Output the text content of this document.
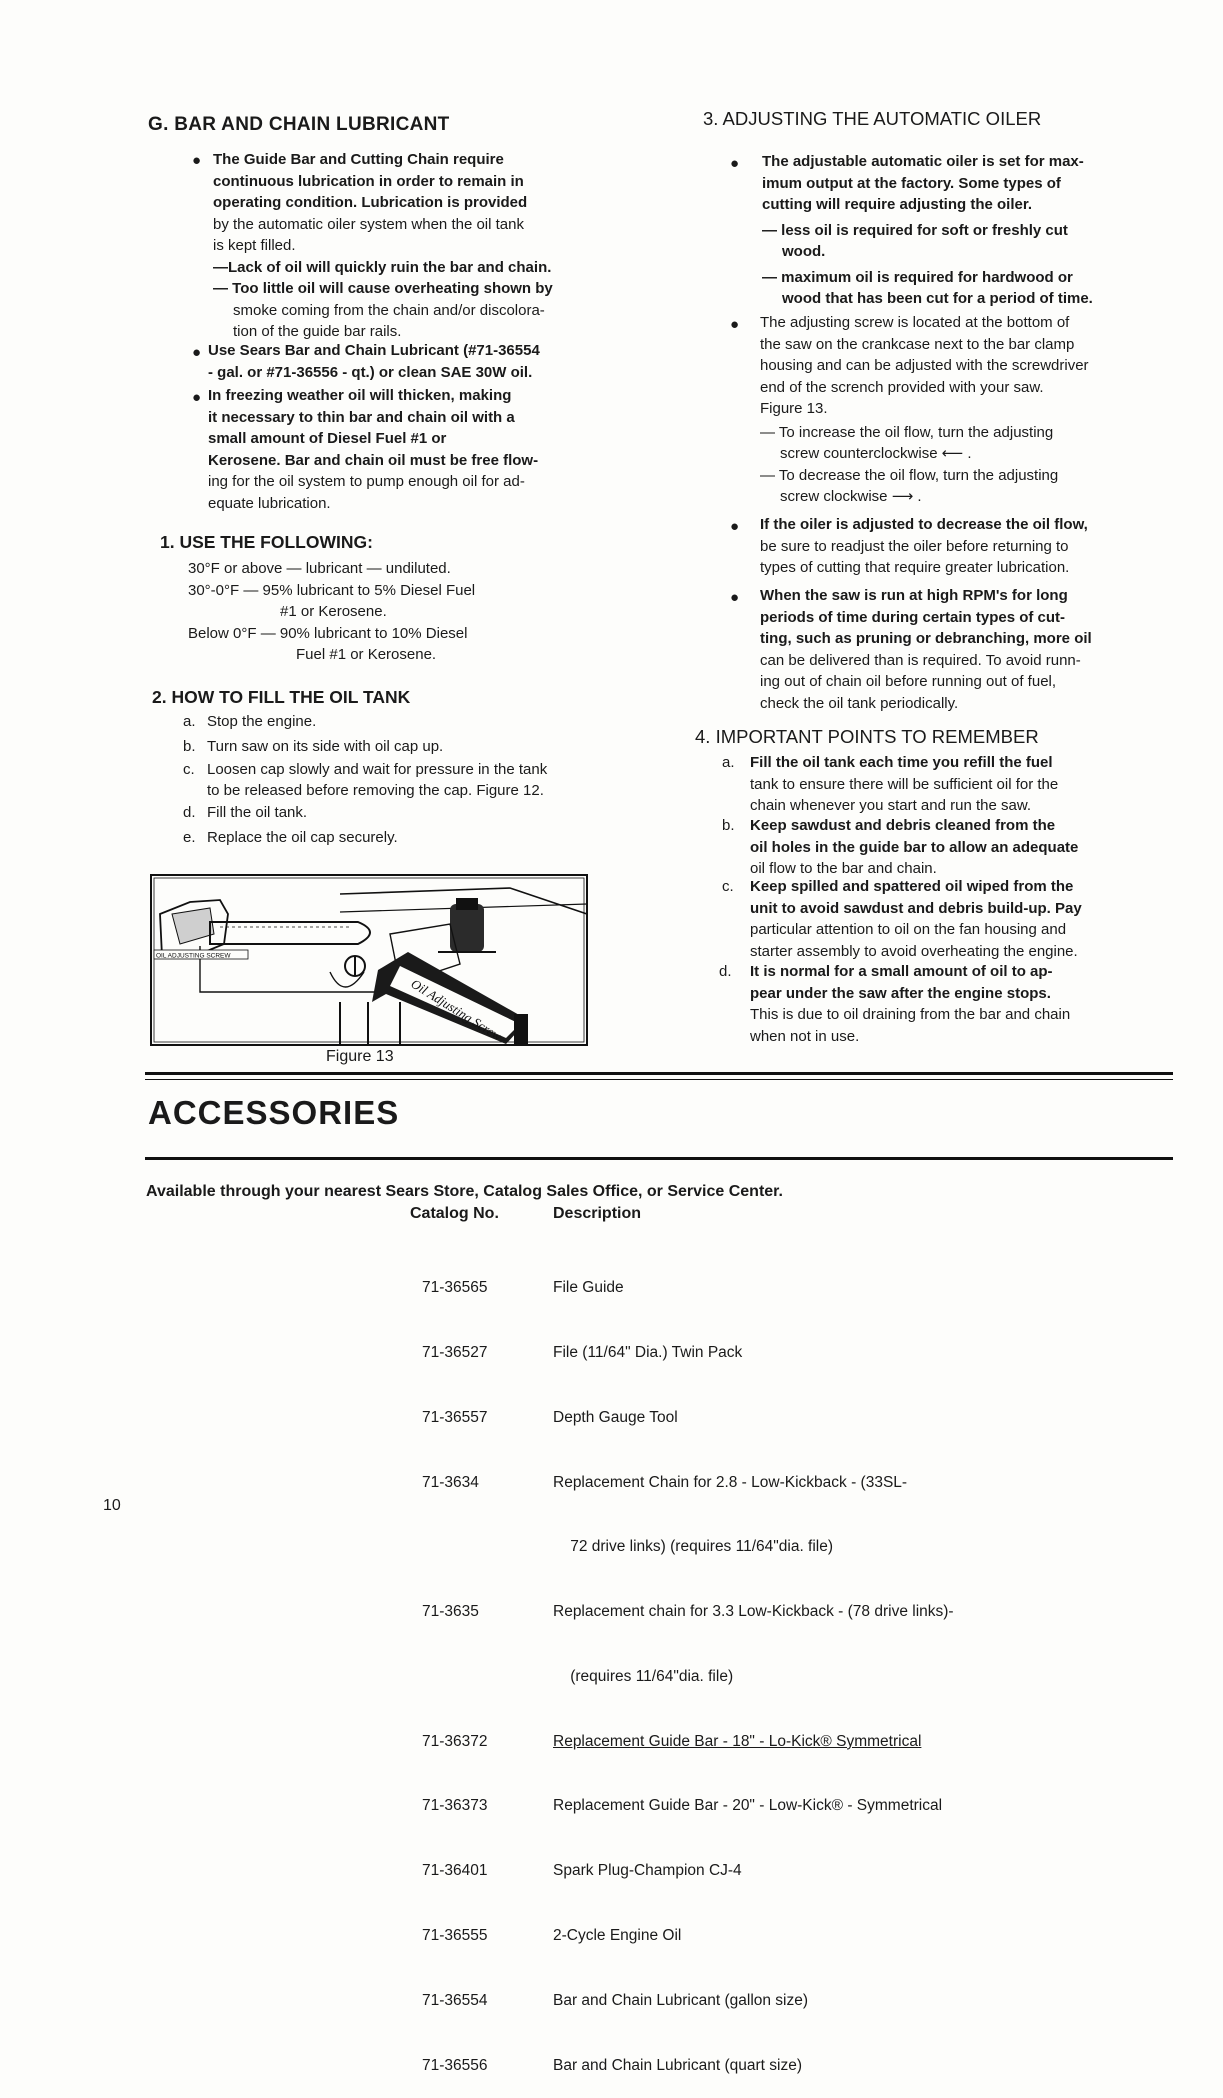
G. BAR AND CHAIN LUBRICANT
● The Guide Bar and Cutting Chain require
continuous lubrication in order to remain in
operating condition. Lubrication is provided
by the automatic oiler system when the oil tank
is kept filled.
—Lack of oil will quickly ruin the bar and chain.
— Too little oil will cause overheating shown by
smoke coming from the chain and/or discolora-
tion of the guide bar rails.
● Use Sears Bar and Chain Lubricant (#71-36554
- gal. or #71-36556 - qt.) or clean SAE 30W oil.
● In freezing weather oil will thicken, making
it necessary to thin bar and chain oil with a
small amount of Diesel Fuel #1 or
Kerosene. Bar and chain oil must be free flow-
ing for the oil system to pump enough oil for ad-
equate lubrication.
1. USE THE FOLLOWING:
30°F or above — lubricant — undiluted.
30°-0°F — 95% lubricant to 5% Diesel Fuel
#1 or Kerosene.
Below 0°F — 90% lubricant to 10% Diesel
Fuel #1 or Kerosene.
2. HOW TO FILL THE OIL TANK
a. Stop the engine.
b. Turn saw on its side with oil cap up.
c. Loosen cap slowly and wait for pressure in the tank
to be released before removing the cap. Figure 12.
d. Fill the oil tank.
e. Replace the oil cap securely.
Oil Adjusting Screw
OIL ADJUSTING SCREW
Figure 13
3. ADJUSTING THE AUTOMATIC OILER
● The adjustable automatic oiler is set for max-
imum output at the factory. Some types of
cutting will require adjusting the oiler.
— less oil is required for soft or freshly cut
wood.
— maximum oil is required for hardwood or
wood that has been cut for a period of time.
● The adjusting screw is located at the bottom of
the saw on the crankcase next to the bar clamp
housing and can be adjusted with the screwdriver
end of the scrench provided with your saw.
Figure 13.
— To increase the oil flow, turn the adjusting
screw counterclockwise ⟵ .
— To decrease the oil flow, turn the adjusting
screw clockwise ⟶ .
● If the oiler is adjusted to decrease the oil flow,
be sure to readjust the oiler before returning to
types of cutting that require greater lubrication.
● When the saw is run at high RPM's for long
periods of time during certain types of cut-
ting, such as pruning or debranching, more oil
can be delivered than is required. To avoid runn-
ing out of chain oil before running out of fuel,
check the oil tank periodically.
4. IMPORTANT POINTS TO REMEMBER
a. Fill the oil tank each time you refill the fuel
tank to ensure there will be sufficient oil for the
chain whenever you start and run the saw.
b. Keep sawdust and debris cleaned from the
oil holes in the guide bar to allow an adequate
oil flow to the bar and chain.
c. Keep spilled and spattered oil wiped from the
unit to avoid sawdust and debris build-up. Pay
particular attention to oil on the fan housing and
starter assembly to avoid overheating the engine.
d. It is normal for a small amount of oil to ap-
pear under the saw after the engine stops.
This is due to oil draining from the bar and chain
when not in use.
ACCESSORIES
Available through your nearest Sears Store, Catalog Sales Office, or Service Center.
Catalog No.	Description

71-36565

71-36527

71-36557

71-3634

71-3635

71-36372

71-36373

71-36401

71-36555

71-36554

71-36556

File Guide

File (11/64" Dia.) Twin Pack

Depth Gauge Tool

Replacement Chain for 2.8 - Low-Kickback - (33SL-

72 drive links) (requires 11/64"dia. file)

Replacement chain for 3.3 Low-Kickback - (78 drive links)-

(requires 11/64"dia. file)

Replacement Guide Bar - 18" - Lo-Kick® Symmetrical

Replacement Guide Bar - 20" - Low-Kick® - Symmetrical

Spark Plug-Champion CJ-4

2-Cycle Engine Oil

Bar and Chain Lubricant (gallon size)

Bar and Chain Lubricant (quart size)

10
